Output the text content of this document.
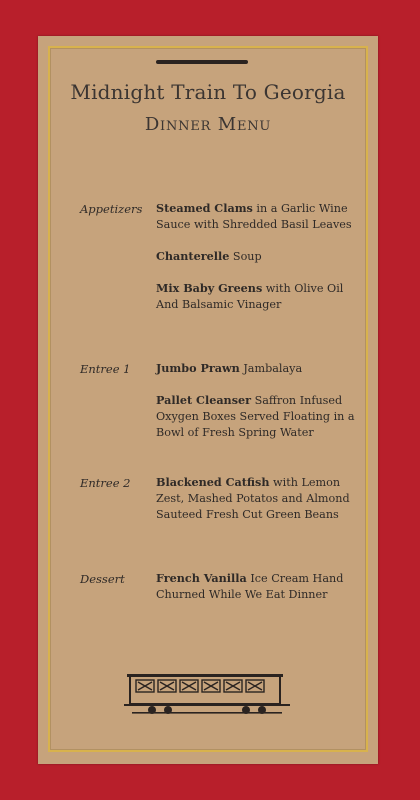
Midnight Train To Georgia
Dinner Menu
Appetizers	Steamed Clams in a Garlic Wine Sauce with Shredded Basil Leaves
Chanterelle Soup
Mix Baby Greens with Olive Oil And Balsamic Vinager
Entree 1	Jumbo Prawn Jambalaya
Pallet Cleanser Saffron Infused Oxygen Boxes Served Floating in a Bowl of Fresh Spring Water
Entree 2	Blackened Catfish with Lemon Zest, Mashed Potatos and Almond Sauteed Fresh Cut Green Beans
Dessert	French Vanilla Ice Cream Hand Churned While We Eat Dinner
